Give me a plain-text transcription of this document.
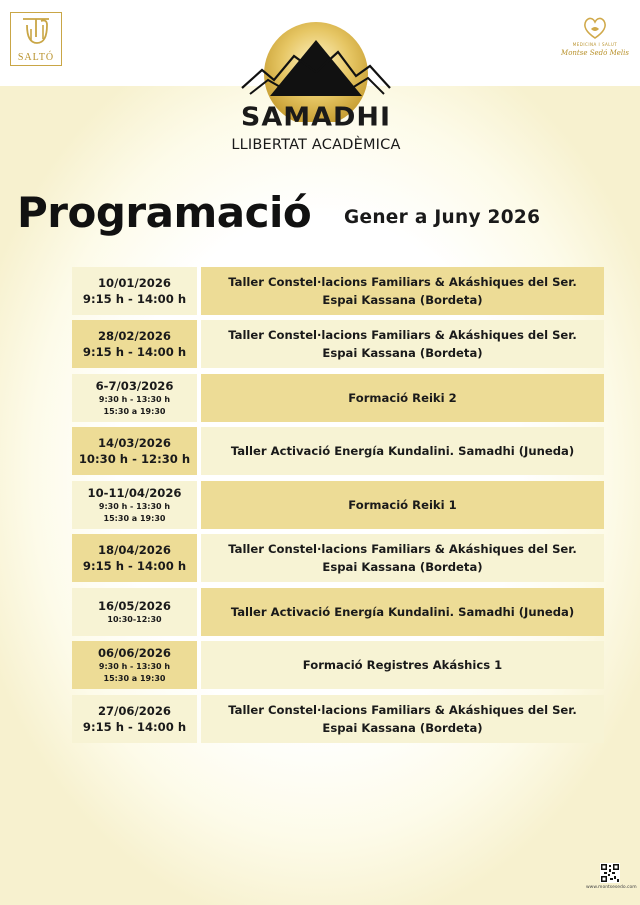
SALTÓ
MEDICINA I SALUT
Montse Sedó Melis
SAMADHI
LLIBERTAT ACADÈMICA
Programació Gener a Juny 2026
10/01/2026
9:15 h - 14:00 h
Taller Constel·lacions Familiars & Akáshiques del Ser.
Espai Kassana (Bordeta)
28/02/2026
9:15 h - 14:00 h
Taller Constel·lacions Familiars & Akáshiques del Ser.
Espai Kassana (Bordeta)
6-7/03/2026
9:30 h - 13:30 h
15:30 a 19:30
Formació Reiki 2
14/03/2026
10:30 h - 12:30 h
Taller Activació Energía Kundalini. Samadhi (Juneda)
10-11/04/2026
9:30 h - 13:30 h
15:30 a 19:30
Formació Reiki 1
18/04/2026
9:15 h - 14:00 h
Taller Constel·lacions Familiars & Akáshiques del Ser.
Espai Kassana (Bordeta)
16/05/2026
10:30-12:30
Taller Activació Energía Kundalini. Samadhi (Juneda)
06/06/2026
9:30 h - 13:30 h
15:30 a 19:30
Formació Registres Akáshics 1
27/06/2026
9:15 h - 14:00 h
Taller Constel·lacions Familiars & Akáshiques del Ser.
Espai Kassana (Bordeta)
www.montsesedo.com
